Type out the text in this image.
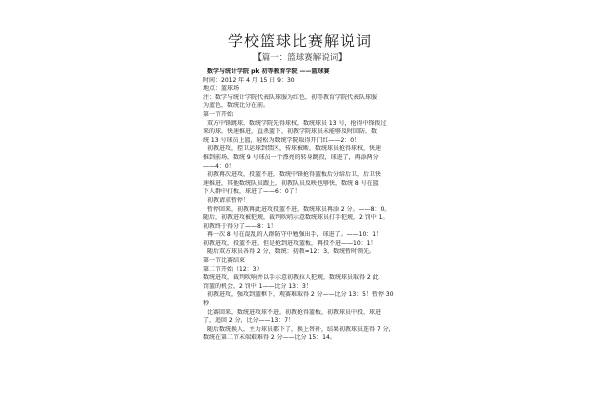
学校篮球比赛解说词
【篇一：篮球赛解说词】
数学与统计学院 pk 初等教育学院 ——篮球赛
时间：2012 年 4 月 15 日 9：30
地点：篮球场
注：数学与统计学院代表队球服为红色，初等教育学院代表队球服
为蓝色，数统比分在前。
第一节开始
双方中锋跳球，数统学院先得球权，数统球员 13 号，抢得中锋拨过
来的球，快速推进，直杀篮下，初教学院球员未能够及时回防，数
统 13 号球员上篮，轻松为数统学院取得开门红——2：0！
初教进攻，控卫运球到禁区，传球被断，数统球员抢得球权，快速
推到前场，数统 9 号球员一个漂亮的转身跳投，球进了，再添两分
——4：0！
初教再次进攻，投篮不进，数统中锋抢得篮板后分给后卫，后卫快
速推进，其他数统队员跟上，初教队员反映也够快，数统 8 号在篮
下人群中打板，球进了——6：0了！
初教请求暂停！
暂停回来，初教再此进攻投篮不进，数统球员再添 2 分。——8：0。
随后，初教进攻被犯规，裁判吹哨示意数统球员打手犯规，2 罚中 1。
初教终于得分了——8：1！
再一次 8 号在混乱的人群防守中勉强出手，球进了。——10：1！
初教进攻，投篮不进，但是抢到进攻篮板，再投不进——10：1！
随后双方球员各得 2 分，数统：初教=12：3，数统暂时领先。
第一节比赛结束
第二节开始（12：3）
数统进攻，裁判吹响并以手示意初教拉人犯规，数统球员取得 2 此
罚篮的机会，2 罚中 1——比分 13：3！
初教进攻，强攻到篮框下，观赛难取得 2 分——比分 13：5！暂停 30
秒
比赛回来，数统进攻球不进，初教抢得篮板，初教球员中投，球进
了，追回 2 分，比分——13：7！
随后数统换人，主力球员都下了，换上替补，结果初教球员连得 7 分，
数统在第二节末端艰难得 2 分——比分 15：14。
